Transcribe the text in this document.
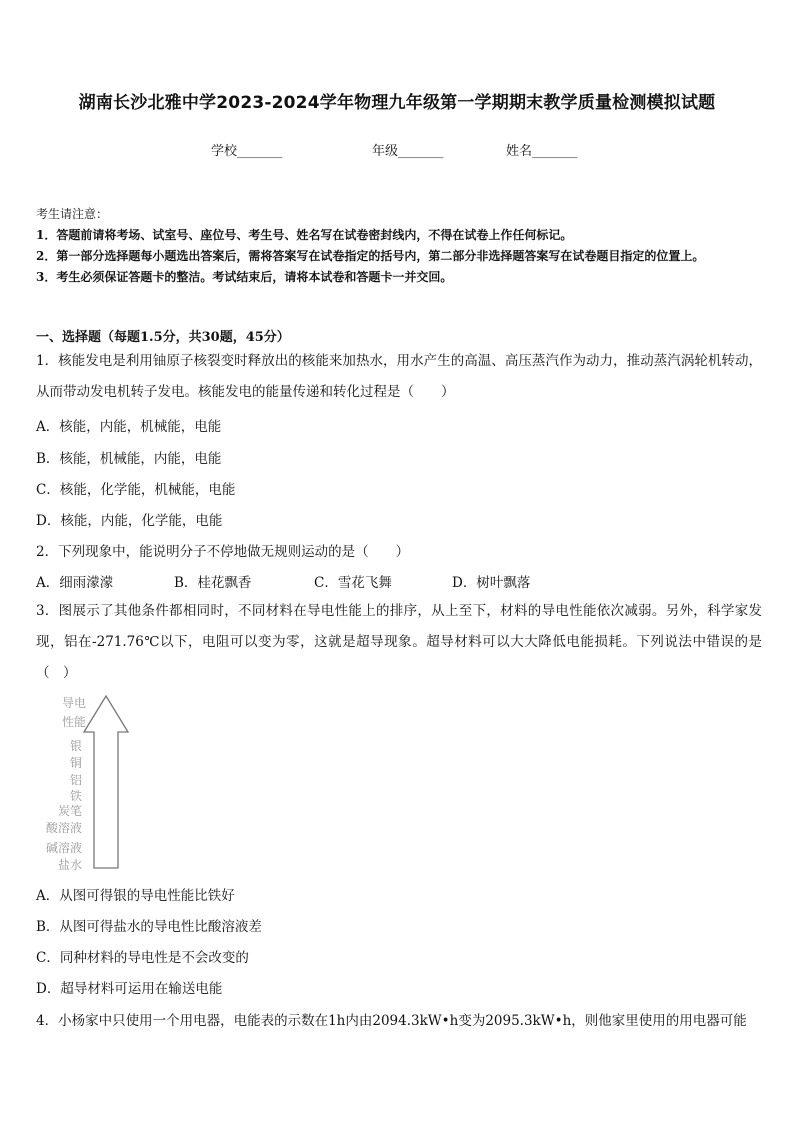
湖南长沙北雅中学2023-2024学年物理九年级第一学期期末教学质量检测模拟试题
学校_______	年级_______	姓名_______
考生请注意：
1．答题前请将考场、试室号、座位号、考生号、姓名写在试卷密封线内，不得在试卷上作任何标记。
2．第一部分选择题每小题选出答案后，需将答案写在试卷指定的括号内，第二部分非选择题答案写在试卷题目指定的位置上。
3．考生必须保证答题卡的整洁。考试结束后，请将本试卷和答题卡一并交回。
一、选择题（每题1.5分，共30题，45分）
1．核能发电是利用铀原子核裂变时释放出的核能来加热水，用水产生的高温、高压蒸汽作为动力，推动蒸汽涡轮机转动，从而带动发电机转子发电。核能发电的能量传递和转化过程是（　　）
A．核能，内能，机械能，电能
B．核能，机械能，内能，电能
C．核能，化学能，机械能，电能
D．核能，内能，化学能，电能
2．下列现象中，能说明分子不停地做无规则运动的是（　　）
A．细雨濛濛	B．桂花飘香	C．雪花飞舞	D．树叶飘落
3．图展示了其他条件都相同时，不同材料在导电性能上的排序，从上至下，材料的导电性能依次减弱。另外，科学家发现，铝在-271.76℃以下，电阻可以变为零，这就是超导现象。超导材料可以大大降低电能损耗。下列说法中错误的是（　）
导电
性能
银
铜
铝
铁
炭笔
酸溶液
碱溶液
盐水
A．从图可得银的导电性能比铁好
B．从图可得盐水的导电性比酸溶液差
C．同种材料的导电性是不会改变的
D．超导材料可运用在输送电能
4．小杨家中只使用一个用电器，电能表的示数在1h内由2094.3kW•h变为2095.3kW•h，则他家里使用的用电器可能
